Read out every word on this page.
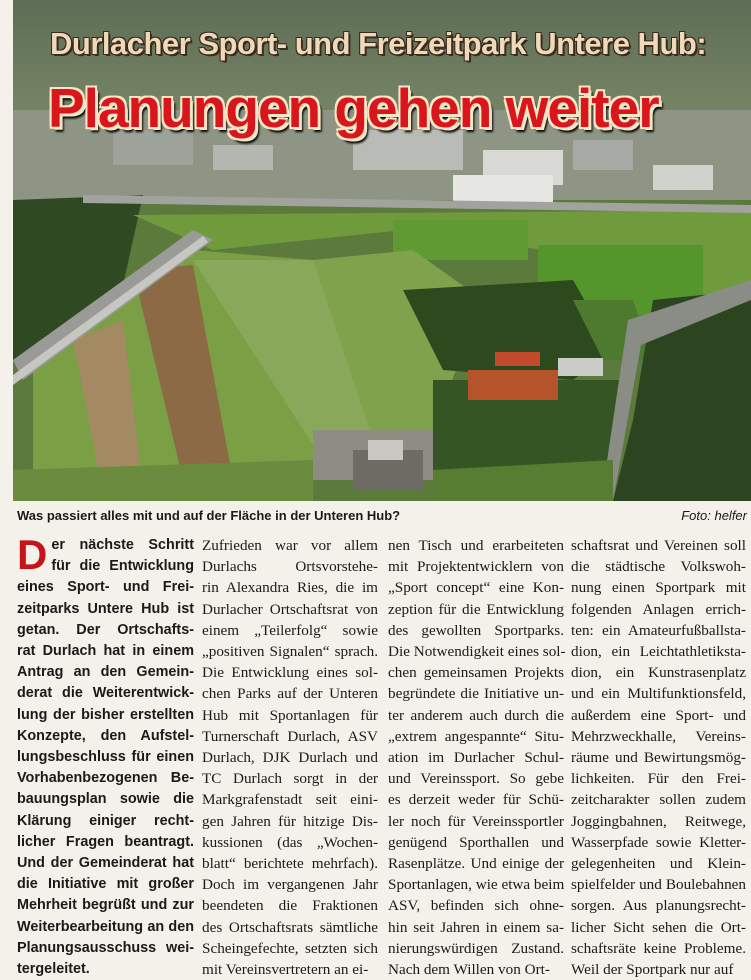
Durlacher Sport- und Freizeitpark Untere Hub:
Planungen gehen weiter
Was passiert alles mit und auf der Fläche in der Unteren Hub?	Foto: helfer
D er nächste Schritt
für die Entwicklung
eines Sport- und Frei-
zeitparks Untere Hub ist
getan. Der Ortschafts-
rat Durlach hat in einem
Antrag an den Gemein-
derat die Weiterentwick-
lung der bisher erstellten
Konzepte, den Aufstel-
lungsbeschluss für einen
Vorhabenbezogenen Be-
bauungsplan sowie die
Klärung einiger recht-
licher Fragen beantragt.
Und der Gemeinderat hat
die Initiative mit großer
Mehrheit begrüßt und zur
Weiterbearbeitung an den
Planungsausschuss wei-
tergeleitet.
Zufrieden war vor allem
Durlachs Ortsvorstehe-
rin Alexandra Ries, die im
Durlacher Ortschaftsrat von
einem „Teilerfolg“ sowie
„positiven Signalen“ sprach.
Die Entwicklung eines sol-
chen Parks auf der Unteren
Hub mit Sportanlagen für
Turnerschaft Durlach, ASV
Durlach, DJK Durlach und
TC Durlach sorgt in der
Markgrafenstadt seit eini-
gen Jahren für hitzige Dis-
kussionen (das „Wochen-
blatt“ berichtete mehrfach).
Doch im vergangenen Jahr
beendeten die Fraktionen
des Ortschaftsrats sämtliche
Scheingefechte, setzten sich
mit Vereinsvertretern an ei-
nen Tisch und erarbeiteten
mit Projektentwicklern von
„Sport concept“ eine Kon-
zeption für die Entwicklung
des gewollten Sportparks.
Die Notwendigkeit eines sol-
chen gemeinsamen Projekts
begründete die Initiative un-
ter anderem auch durch die
„extrem angespannte“ Situ-
ation im Durlacher Schul-
und Vereinssport. So gebe
es derzeit weder für Schü-
ler noch für Vereinssportler
genügend Sporthallen und
Rasenplätze. Und einige der
Sportanlagen, wie etwa beim
ASV, befinden sich ohne-
hin seit Jahren in einem sa-
nierungswürdigen Zustand.
Nach dem Willen von Ort-
schaftsrat und Vereinen soll
die städtische Volkswoh-
nung einen Sportpark mit
folgenden Anlagen errich-
ten: ein Amateurfußballsta-
dion, ein Leichtathletiksta-
dion, ein Kunstrasenplatz
und ein Multifunktionsfeld,
außerdem eine Sport- und
Mehrzweckhalle, Vereins-
räume und Bewirtungsmög-
lichkeiten. Für den Frei-
zeitcharakter sollen zudem
Joggingbahnen, Reitwege,
Wasserpfade sowie Kletter-
gelegenheiten und Klein-
spielfelder und Boulebahnen
sorgen. Aus planungsrecht-
licher Sicht sehen die Ort-
schaftsräte keine Probleme.
Weil der Sportpark nur auf
